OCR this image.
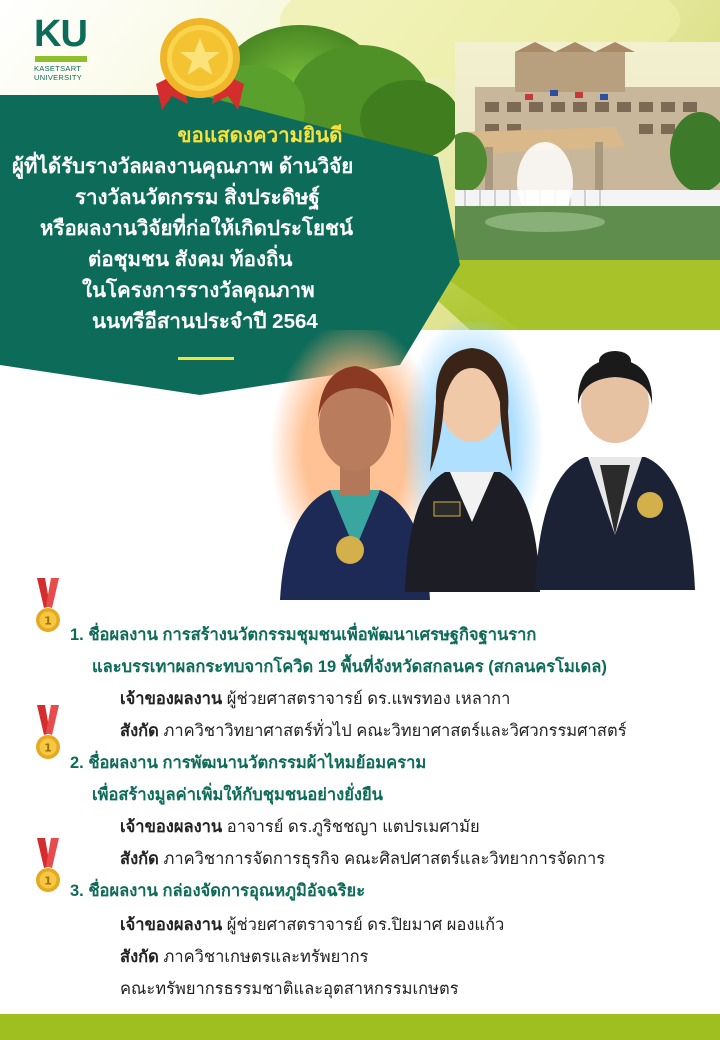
KU
KASETSART
UNIVERSITY
ขอแสดงความยินดี
ผู้ที่ได้รับรางวัลผลงานคุณภาพ ด้านวิจัย
รางวัลนวัตกรรม สิ่งประดิษฐ์
หรือผลงานวิจัยที่ก่อให้เกิดประโยชน์
ต่อชุมชน สังคม ท้องถิ่น
ในโครงการรางวัลคุณภาพ
นนทรีอีสานประจำปี 2564
1
1
1
1. ชื่อผลงาน การสร้างนวัตกรรมชุมชนเพื่อพัฒนาเศรษฐกิจฐานราก
และบรรเทาผลกระทบจากโควิด 19 พื้นที่จังหวัดสกลนคร (สกลนครโมเดล)
เจ้าของผลงาน ผู้ช่วยศาสตราจารย์ ดร.แพรทอง เหลากา
สังกัด ภาควิชาวิทยาศาสตร์ทั่วไป คณะวิทยาศาสตร์และวิศวกรรมศาสตร์
2. ชื่อผลงาน การพัฒนานวัตกรรมผ้าไหมย้อมคราม
เพื่อสร้างมูลค่าเพิ่มให้กับชุมชนอย่างยั่งยืน
เจ้าของผลงาน อาจารย์ ดร.ภูริชชญา แตปรเมศามัย
สังกัด ภาควิชาการจัดการธุรกิจ คณะศิลปศาสตร์และวิทยาการจัดการ
3. ชื่อผลงาน กล่องจัดการอุณหภูมิอัจฉริยะ
เจ้าของผลงาน ผู้ช่วยศาสตราจารย์ ดร.ปิยมาศ ผองแก้ว
สังกัด ภาควิชาเกษตรและทรัพยากร
คณะทรัพยากรธรรมชาติและอุตสาหกรรมเกษตร
